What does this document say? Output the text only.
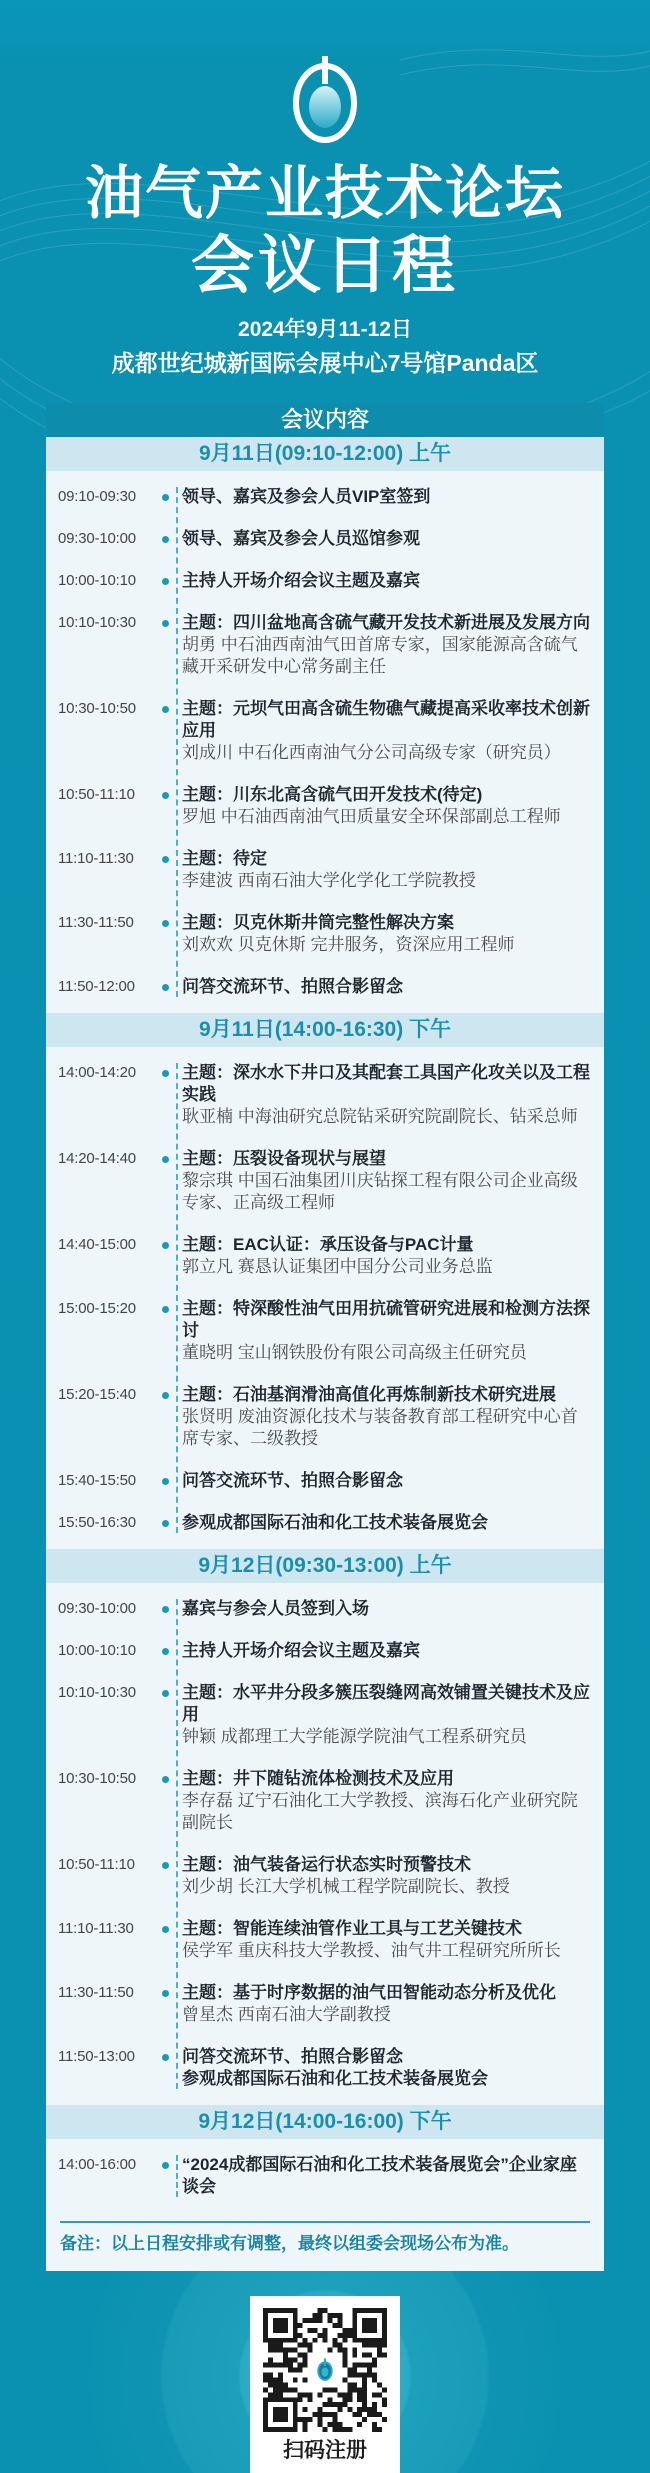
油气产业技术论坛
会议日程
2024年9月11-12日
成都世纪城新国际会展中心7号馆Panda区
会议内容
9月11日(09:10-12:00) 上午
09:10-09:30	领导、嘉宾及参会人员VIP室签到
09:30-10:00	领导、嘉宾及参会人员巡馆参观
10:00-10:10	主持人开场介绍会议主题及嘉宾
10:10-10:30	主题：四川盆地高含硫气藏开发技术新进展及发展方向
胡勇 中石油西南油气田首席专家，国家能源高含硫气藏开采研发中心常务副主任
10:30-10:50	主题：元坝气田高含硫生物礁气藏提高采收率技术创新应用
刘成川 中石化西南油气分公司高级专家（研究员）
10:50-11:10	主题：川东北高含硫气田开发技术(待定)
罗旭 中石油西南油气田质量安全环保部副总工程师
11:10-11:30	主题：待定
李建波 西南石油大学化学化工学院教授
11:30-11:50	主题：贝克休斯井筒完整性解决方案
刘欢欢 贝克休斯 完井服务，资深应用工程师
11:50-12:00	问答交流环节、拍照合影留念
9月11日(14:00-16:30) 下午
14:00-14:20	主题：深水水下井口及其配套工具国产化攻关以及工程实践
耿亚楠 中海油研究总院钻采研究院副院长、钻采总师
14:20-14:40	主题：压裂设备现状与展望
黎宗琪 中国石油集团川庆钻探工程有限公司企业高级专家、正高级工程师
14:40-15:00	主题：EAC认证：承压设备与PAC计量
郭立凡 赛恳认证集团中国分公司业务总监
15:00-15:20	主题：特深酸性油气田用抗硫管研究进展和检测方法探讨
董晓明 宝山钢铁股份有限公司高级主任研究员
15:20-15:40	主题：石油基润滑油高值化再炼制新技术研究进展
张贤明 废油资源化技术与装备教育部工程研究中心首席专家、二级教授
15:40-15:50	问答交流环节、拍照合影留念
15:50-16:30	参观成都国际石油和化工技术装备展览会
9月12日(09:30-13:00) 上午
09:30-10:00	嘉宾与参会人员签到入场
10:00-10:10	主持人开场介绍会议主题及嘉宾
10:10-10:30	主题：水平井分段多簇压裂缝网高效铺置关键技术及应用
钟颖 成都理工大学能源学院油气工程系研究员
10:30-10:50	主题：井下随钻流体检测技术及应用
李存磊 辽宁石油化工大学教授、滨海石化产业研究院副院长
10:50-11:10	主题：油气装备运行状态实时预警技术
刘少胡 长江大学机械工程学院副院长、教授
11:10-11:30	主题：智能连续油管作业工具与工艺关键技术
侯学军 重庆科技大学教授、油气井工程研究所所长
11:30-11:50	主题：基于时序数据的油气田智能动态分析及优化
曾星杰 西南石油大学副教授
11:50-13:00	问答交流环节、拍照合影留念
参观成都国际石油和化工技术装备展览会
9月12日(14:00-16:00) 下午
14:00-16:00	“2024成都国际石油和化工技术装备展览会”企业家座谈会
备注：以上日程安排或有调整，最终以组委会现场公布为准。
扫码注册
